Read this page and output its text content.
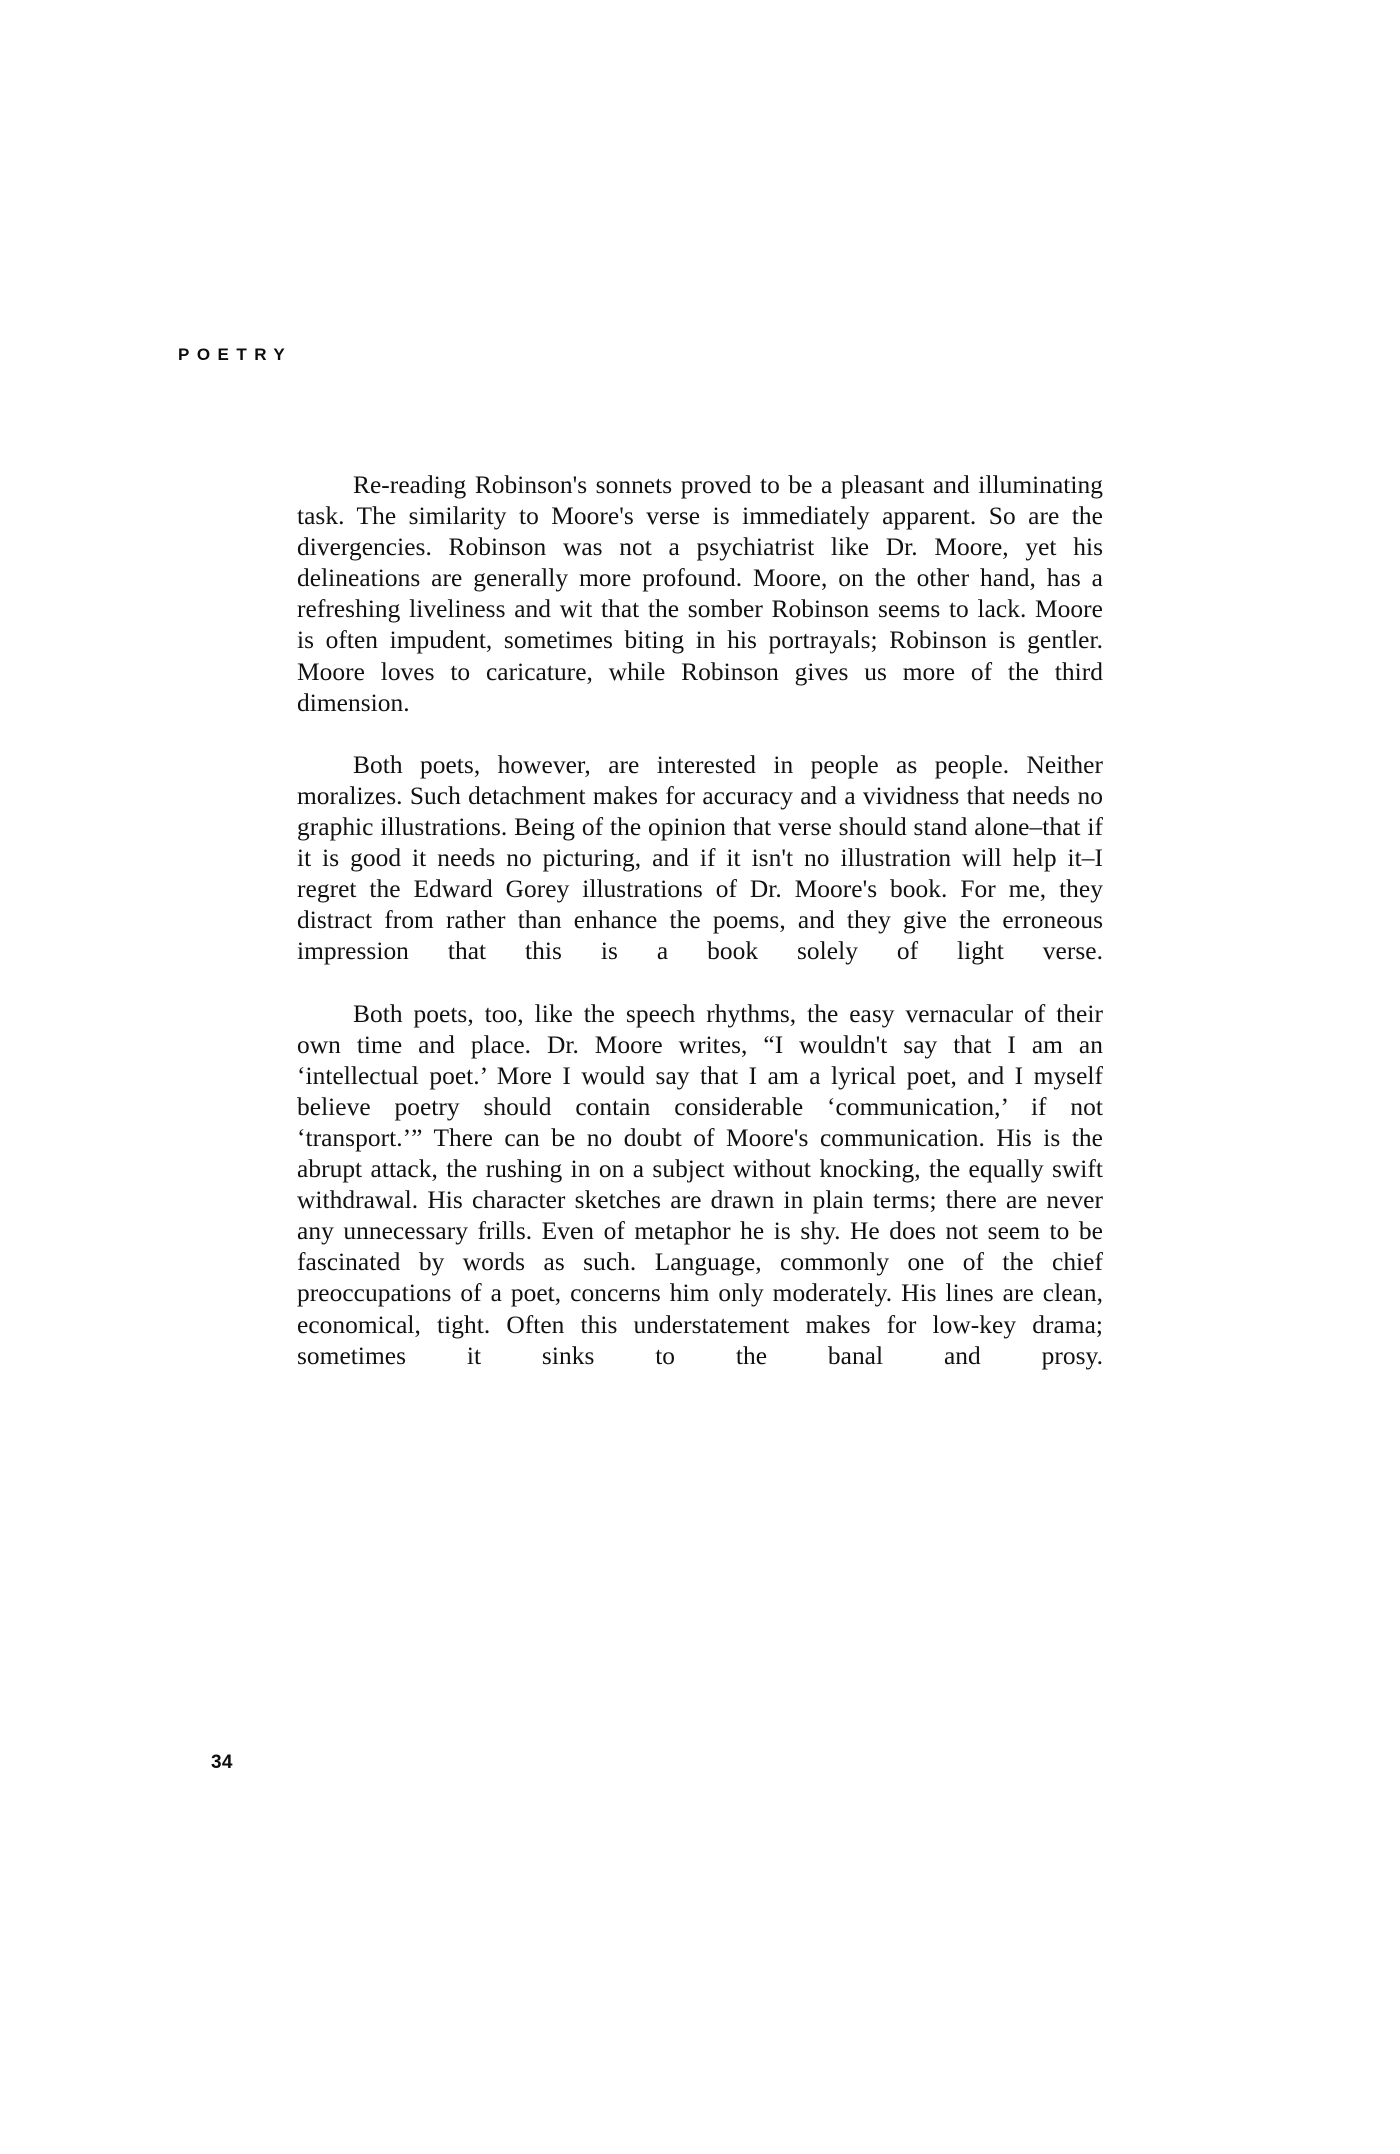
POETRY

Re-reading Robinson's sonnets proved to be a pleasant and illuminating task. The similarity to Moore's verse is immediately apparent. So are the divergencies. Robinson was not a psychiatrist like Dr. Moore, yet his delineations are generally more profound. Moore, on the other hand, has a refreshing liveliness and wit that the somber Robinson seems to lack. Moore is often impudent, sometimes biting in his portrayals; Robinson is gentler. Moore loves to caricature, while Robinson gives us more of the third dimension.

Both poets, however, are interested in people as people. Neither moralizes. Such detachment makes for accuracy and a vividness that needs no graphic illustrations. Being of the opinion that verse should stand alone–that if it is good it needs no picturing, and if it isn't no illustration will help it–I regret the Edward Gorey illustrations of Dr. Moore's book. For me, they distract from rather than enhance the poems, and they give the erroneous impression that this is a book solely of light verse.

Both poets, too, like the speech rhythms, the easy vernacular of their own time and place. Dr. Moore writes, “I wouldn't say that I am an ‘intellectual poet.’ More I would say that I am a lyrical poet, and I myself believe poetry should contain considerable ‘communication,’ if not ‘transport.’” There can be no doubt of Moore's communication. His is the abrupt attack, the rushing in on a subject without knocking, the equally swift withdrawal. His character sketches are drawn in plain terms; there are never any unnecessary frills. Even of metaphor he is shy. He does not seem to be fascinated by words as such. Language, commonly one of the chief preoccupations of a poet, concerns him only moderately. His lines are clean, economical, tight. Often this understatement makes for low-key drama; sometimes it sinks to the banal and prosy.

34
